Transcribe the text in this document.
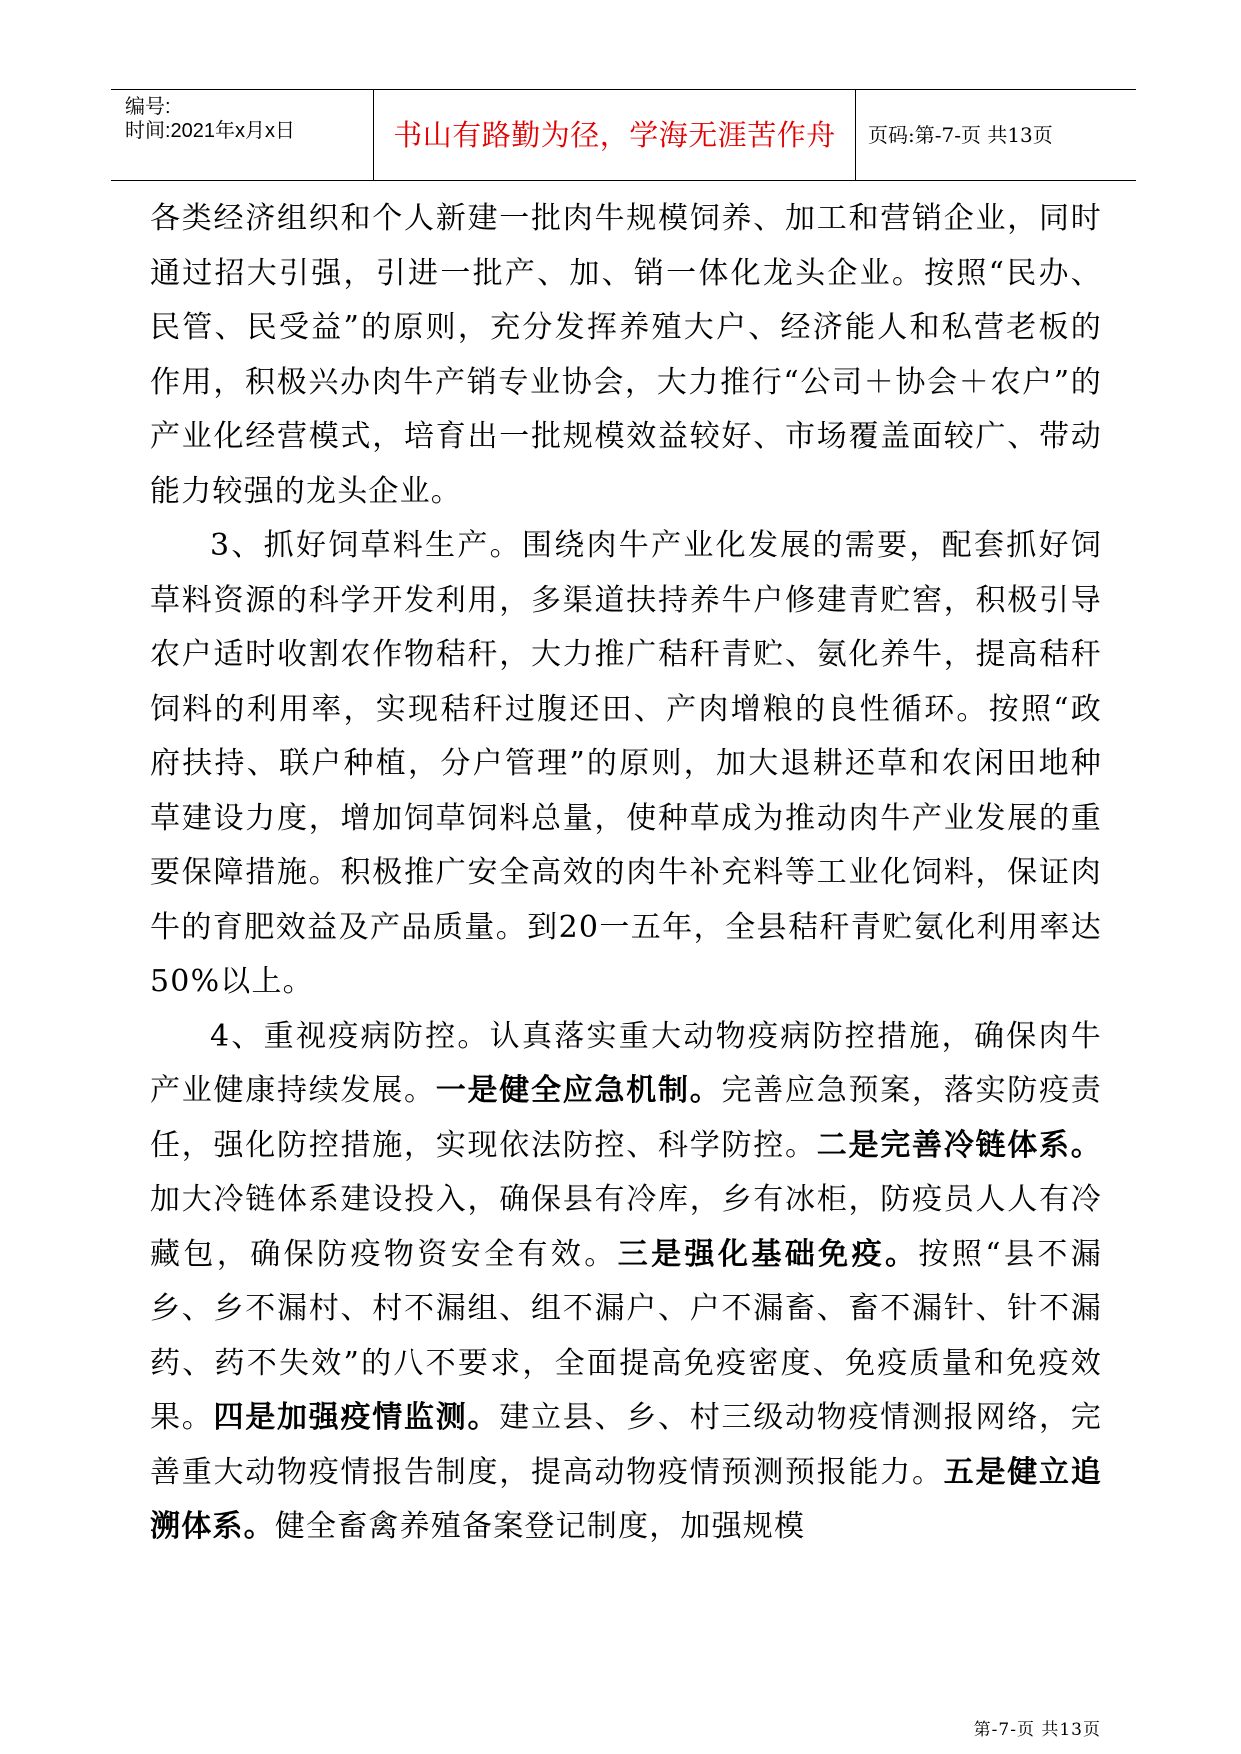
编号:
时间:2021年x月x日	书山有路勤为径，学海无涯苦作舟	页码:第-7-页 共13页

各类经济组织和个人新建一批肉牛规模饲养、加工和营销企业，同时通过招大引强，引进一批产、加、销一体化龙头企业。按照“民办、民管、民受益”的原则，充分发挥养殖大户、经济能人和私营老板的作用，积极兴办肉牛产销专业协会，大力推行“公司＋协会＋农户”的产业化经营模式，培育出一批规模效益较好、市场覆盖面较广、带动能力较强的龙头企业。

3、抓好饲草料生产。围绕肉牛产业化发展的需要，配套抓好饲草料资源的科学开发利用，多渠道扶持养牛户修建青贮窖，积极引导农户适时收割农作物秸秆，大力推广秸秆青贮、氨化养牛，提高秸秆饲料的利用率，实现秸秆过腹还田、产肉增粮的良性循环。按照“政府扶持、联户种植，分户管理”的原则，加大退耕还草和农闲田地种草建设力度，增加饲草饲料总量，使种草成为推动肉牛产业发展的重要保障措施。积极推广安全高效的肉牛补充料等工业化饲料，保证肉牛的育肥效益及产品质量。到20一五年，全县秸秆青贮氨化利用率达50%以上。

4、重视疫病防控。认真落实重大动物疫病防控措施，确保肉牛产业健康持续发展。一是健全应急机制。完善应急预案，落实防疫责任，强化防控措施，实现依法防控、科学防控。二是完善冷链体系。加大冷链体系建设投入，确保县有冷库，乡有冰柜，防疫员人人有冷藏包，确保防疫物资安全有效。三是强化基础免疫。按照“县不漏乡、乡不漏村、村不漏组、组不漏户、户不漏畜、畜不漏针、针不漏药、药不失效”的八不要求，全面提高免疫密度、免疫质量和免疫效果。四是加强疫情监测。建立县、乡、村三级动物疫情测报网络，完善重大动物疫情报告制度，提高动物疫情预测预报能力。五是健立追溯体系。健全畜禽养殖备案登记制度，加强规模

第-7-页 共13页
